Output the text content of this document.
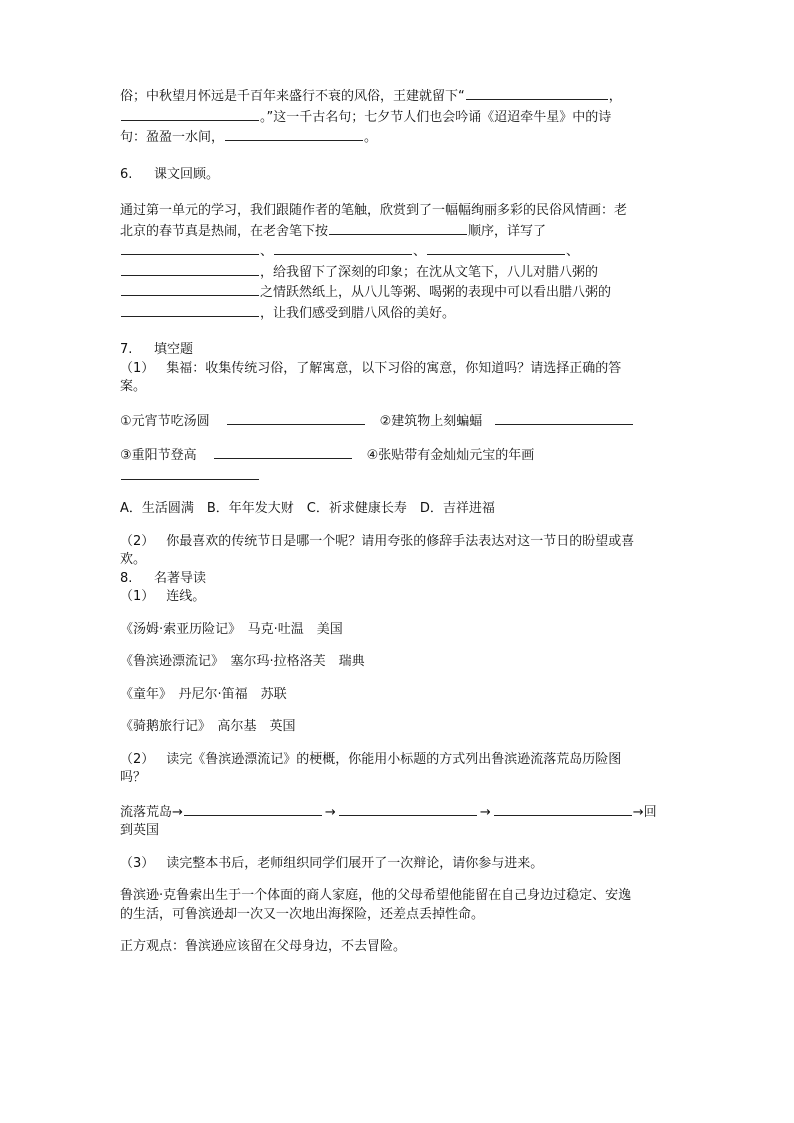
俗；中秋望月怀远是千百年来盛行不衰的风俗，王建就留下“	，

。”这一千古名句；七夕节人们也会吟诵《迢迢牵牛星》中的诗

句：盈盈一水间，	。

6. 课文回顾。

通过第一单元的学习，我们跟随作者的笔触，欣赏到了一幅幅绚丽多彩的民俗风情画：老

北京的春节真是热闹，在老舍笔下按	顺序，详写了

、	、	、

，给我留下了深刻的印象；在沈从文笔下，八儿对腊八粥的

之情跃然纸上，从八儿等粥、喝粥的表现中可以看出腊八粥的

，让我们感受到腊八风俗的美好。

7. 填空题

（1） 集福：收集传统习俗，了解寓意，以下习俗的寓意，你知道吗？请选择正确的答

案。

①元宵节吃汤圆	②建筑物上刻蝙蝠

③重阳节登高	④张贴带有金灿灿元宝的年画

A．生活圆满　B．年年发大财　C．祈求健康长寿　D．吉祥进福

（2） 你最喜欢的传统节日是哪一个呢？请用夸张的修辞手法表达对这一节日的盼望或喜

欢。

8. 名著导读

（1） 连线。

《汤姆·索亚历险记》　马克·吐温　美国

《鲁滨逊漂流记》　塞尔玛·拉格洛芙　瑞典

《童年》　丹尼尔·笛福　苏联

《骑鹅旅行记》　高尔基　英国

（2） 读完《鲁滨逊漂流记》的梗概，你能用小标题的方式列出鲁滨逊流落荒岛历险图

吗？

流落荒岛→	→	→	→回

到英国

（3） 读完整本书后，老师组织同学们展开了一次辩论，请你参与进来。

鲁滨逊·克鲁索出生于一个体面的商人家庭，他的父母希望他能留在自己身边过稳定、安逸

的生活，可鲁滨逊却一次又一次地出海探险，还差点丢掉性命。

正方观点：鲁滨逊应该留在父母身边，不去冒险。
